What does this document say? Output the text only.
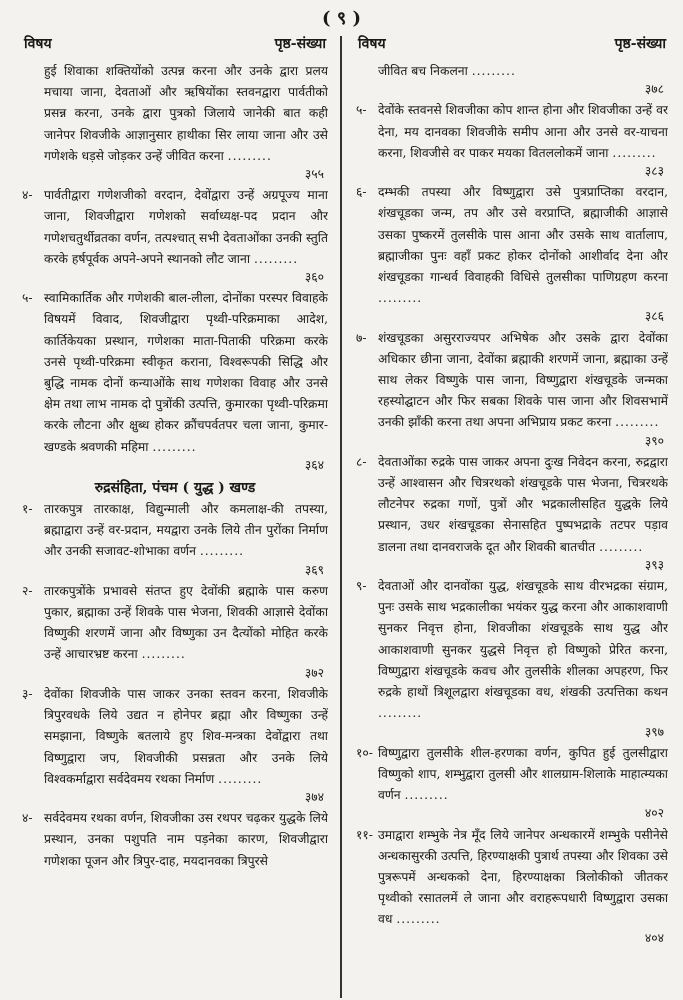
( ९ )
विषय	पृष्ठ-संख्या
हुई शिवाका शक्तियोंको उत्पन्न करना और उनके द्वारा प्रलय मचाया जाना, देवताओं और ऋषियोंका स्तवनद्वारा पार्वतीको प्रसन्न करना, उनके द्वारा पुत्रको जिलाये जानेकी बात कही जानेपर शिवजीके आज्ञानुसार हाथीका सिर लाया जाना और उसे गणेशके धड़से जोड़कर उन्हें जीवित करना .........
३५५
४- पार्वतीद्वारा गणेशजीको वरदान, देवोंद्वारा उन्हें अग्रपूज्य माना जाना, शिवजीद्वारा गणेशको सर्वाध्यक्ष-पद प्रदान और गणेशचतुर्थीव्रतका वर्णन, तत्पश्चात् सभी देवताओंका उनकी स्तुति करके हर्षपूर्वक अपने-अपने स्थानको लौट जाना .........
३६०
५- स्वामिकार्तिक और गणेशकी बाल-लीला, दोनोंका परस्पर विवाहके विषयमें विवाद, शिवजीद्वारा पृथ्वी-परिक्रमाका आदेश, कार्तिकेयका प्रस्थान, गणेशका माता-पिताकी परिक्रमा करके उनसे पृथ्वी-परिक्रमा स्वीकृत कराना, विश्वरूपकी सिद्धि और बुद्धि नामक दोनों कन्याओंके साथ गणेशका विवाह और उनसे क्षेम तथा लाभ नामक दो पुत्रोंकी उत्पत्ति, कुमारका पृथ्वी-परिक्रमा करके लौटना और क्षुब्ध होकर क्रौंचपर्वतपर चला जाना, कुमार-खण्डके श्रवणकी महिमा .........
३६४
रुद्रसंहिता, पंचम ( युद्ध ) खण्ड
१- तारकपुत्र तारकाक्ष, विद्युन्माली और कमलाक्ष-की तपस्या, ब्रह्माद्वारा उन्हें वर-प्रदान, मयद्वारा उनके लिये तीन पुरोंका निर्माण और उनकी सजावट-शोभाका वर्णन .........
३६९
२- तारकपुत्रोंके प्रभावसे संतप्त हुए देवोंकी ब्रह्माके पास करुण पुकार, ब्रह्माका उन्हें शिवके पास भेजना, शिवकी आज्ञासे देवोंका विष्णुकी शरणमें जाना और विष्णुका उन दैत्योंको मोहित करके उन्हें आचारभ्रष्ट करना .........
३७२
३- देवोंका शिवजीके पास जाकर उनका स्तवन करना, शिवजीके त्रिपुरवधके लिये उद्यत न होनेपर ब्रह्मा और विष्णुका उन्हें समझाना, विष्णुके बतलाये हुए शिव-मन्त्रका देवोंद्वारा तथा विष्णुद्वारा जप, शिवजीकी प्रसन्नता और उनके लिये विश्वकर्माद्वारा सर्वदेवमय रथका निर्माण .........
३७४
४- सर्वदेवमय रथका वर्णन, शिवजीका उस रथपर चढ़कर युद्धके लिये प्रस्थान, उनका पशुपति नाम पड़नेका कारण, शिवजीद्वारा गणेशका पूजन और त्रिपुर-दाह, मयदानवका त्रिपुरसे
विषय	पृष्ठ-संख्या
जीवित बच निकलना .........
३७८
५- देवोंके स्तवनसे शिवजीका कोप शान्त होना और शिवजीका उन्हें वर देना, मय दानवका शिवजीके समीप आना और उनसे वर-याचना करना, शिवजीसे वर पाकर मयका वितललोकमें जाना .........
३८३
६- दम्भकी तपस्या और विष्णुद्वारा उसे पुत्रप्राप्तिका वरदान, शंखचूडका जन्म, तप और उसे वरप्राप्ति, ब्रह्माजीकी आज्ञासे उसका पुष्करमें तुलसीके पास आना और उसके साथ वार्तालाप, ब्रह्माजीका पुनः वहाँ प्रकट होकर दोनोंको आशीर्वाद देना और शंखचूडका गान्धर्व विवाहकी विधिसे तुलसीका पाणिग्रहण करना .........
३८६
७- शंखचूडका असुरराज्यपर अभिषेक और उसके द्वारा देवोंका अधिकार छीना जाना, देवोंका ब्रह्माकी शरणमें जाना, ब्रह्माका उन्हें साथ लेकर विष्णुके पास जाना, विष्णुद्वारा शंखचूडके जन्मका रहस्योद्घाटन और फिर सबका शिवके पास जाना और शिवसभामें उनकी झाँकी करना तथा अपना अभिप्राय प्रकट करना .........
३९०
८- देवताओंका रुद्रके पास जाकर अपना दुःख निवेदन करना, रुद्रद्वारा उन्हें आश्वासन और चित्ररथको शंखचूडके पास भेजना, चित्ररथके लौटनेपर रुद्रका गणों, पुत्रों और भद्रकालीसहित युद्धके लिये प्रस्थान, उधर शंखचूडका सेनासहित पुष्पभद्राके तटपर पड़ाव डालना तथा दानवराजके दूत और शिवकी बातचीत .........
३९३
९- देवताओं और दानवोंका युद्ध, शंखचूडके साथ वीरभद्रका संग्राम, पुनः उसके साथ भद्रकालीका भयंकर युद्ध करना और आकाशवाणी सुनकर निवृत्त होना, शिवजीका शंखचूडके साथ युद्ध और आकाशवाणी सुनकर युद्धसे निवृत्त हो विष्णुको प्रेरित करना, विष्णुद्वारा शंखचूडके कवच और तुलसीके शीलका अपहरण, फिर रुद्रके हाथों त्रिशूलद्वारा शंखचूडका वध, शंखकी उत्पत्तिका कथन .........
३९७
१०- विष्णुद्वारा तुलसीके शील-हरणका वर्णन, कुपित हुई तुलसीद्वारा विष्णुको शाप, शम्भुद्वारा तुलसी और शालग्राम-शिलाके माहात्म्यका वर्णन .........
४०२
११- उमाद्वारा शम्भुके नेत्र मूँद लिये जानेपर अन्धकारमें शम्भुके पसीनेसे अन्धकासुरकी उत्पत्ति, हिरण्याक्षकी पुत्रार्थ तपस्या और शिवका उसे पुत्ररूपमें अन्धकको देना, हिरण्याक्षका त्रिलोकीको जीतकर पृथ्वीको रसातलमें ले जाना और वराहरूपधारी विष्णुद्वारा उसका वध .........
४०४
